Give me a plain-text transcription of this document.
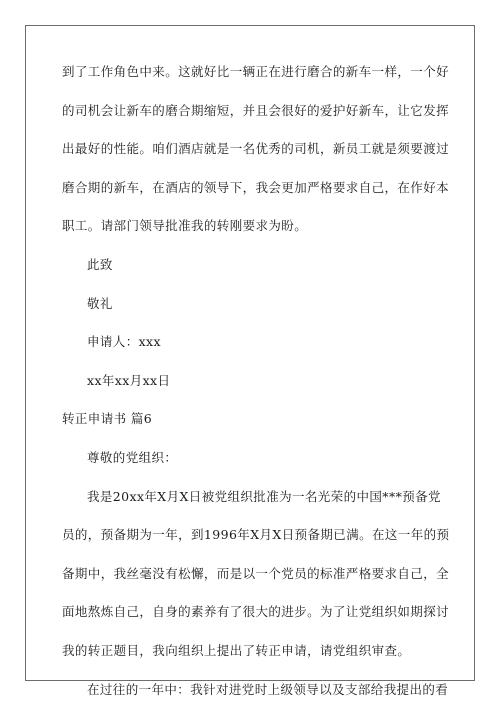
到了工作角色中来。这就好比一辆正在进行磨合的新车一样，一个好
的司机会让新车的磨合期缩短，并且会很好的爱护好新车，让它发挥
出最好的性能。咱们酒店就是一名优秀的司机，新员工就是须要渡过
磨合期的新车，在酒店的领导下，我会更加严格要求自己，在作好本
职工。请部门领导批准我的转刚要求为盼。
此致
敬礼
申请人：xxx
xx年xx月xx日
转正申请书 篇6
尊敬的党组织：
我是20xx年X月X日被党组织批准为一名光荣的中国***预备党
员的，预备期为一年，到1996年X月X日预备期已满。在这一年的预
备期中，我丝毫没有松懈，而是以一个党员的标准严格要求自己，全
面地熬炼自己，自身的素养有了很大的进步。为了让党组织如期探讨
我的转正题目，我向组织上提出了转正申请，请党组织审查。
在过往的一年中：我针对进党时上级领导以及支部给我提出的看
